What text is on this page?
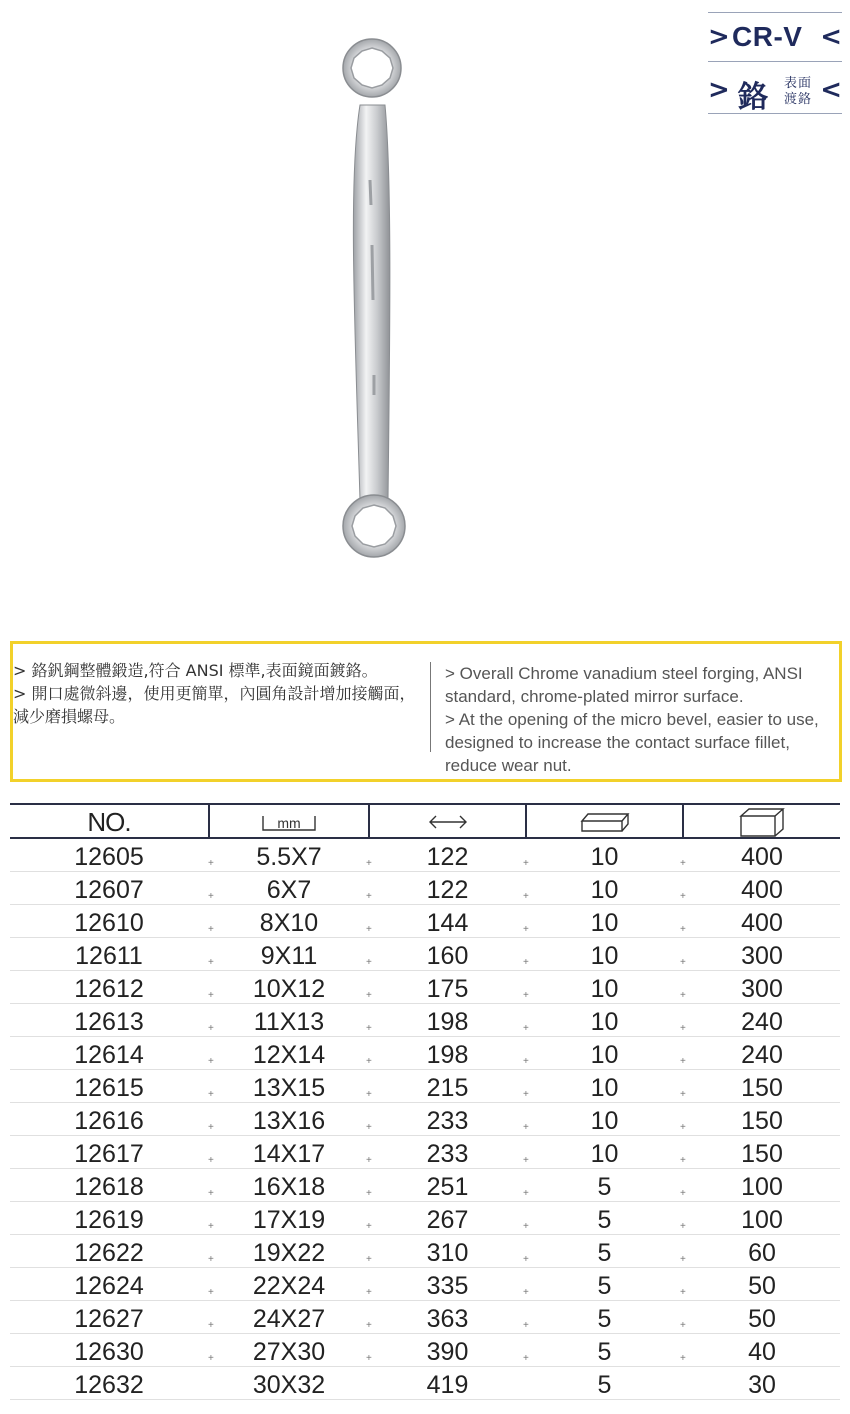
> CR-V <
> 鉻 表面
渡鉻 <

> 鉻釩鋼整體鍛造,符合 ANSI 標準,表面鏡面鍍鉻。

> 開口處微斜邊，使用更簡單，內圓角設計增加接觸面，減少磨損螺母。

> Overall Chrome vanadium steel forging, ANSI standard, chrome-plated mirror surface.

> At the opening of the micro bevel, easier to use, designed to increase the contact surface fillet, reduce wear nut.

NO.	mm
12605	5.5X7	122	10	400
+	+	+	+
12607	6X7	122	10	400
+	+	+	+
12610	8X10	144	10	400
+	+	+	+
12611	9X11	160	10	300
+	+	+	+
12612	10X12	175	10	300
+	+	+	+
12613	11X13	198	10	240
+	+	+	+
12614	12X14	198	10	240
+	+	+	+
12615	13X15	215	10	150
+	+	+	+
12616	13X16	233	10	150
+	+	+	+
12617	14X17	233	10	150
+	+	+	+
12618	16X18	251	5	100
+	+	+	+
12619	17X19	267	5	100
+	+	+	+
12622	19X22	310	5	60
+	+	+	+
12624	22X24	335	5	50
+	+	+	+
12627	24X27	363	5	50
+	+	+	+
12630	27X30	390	5	40
+	+	+	+
12632	30X32	419	5	30
